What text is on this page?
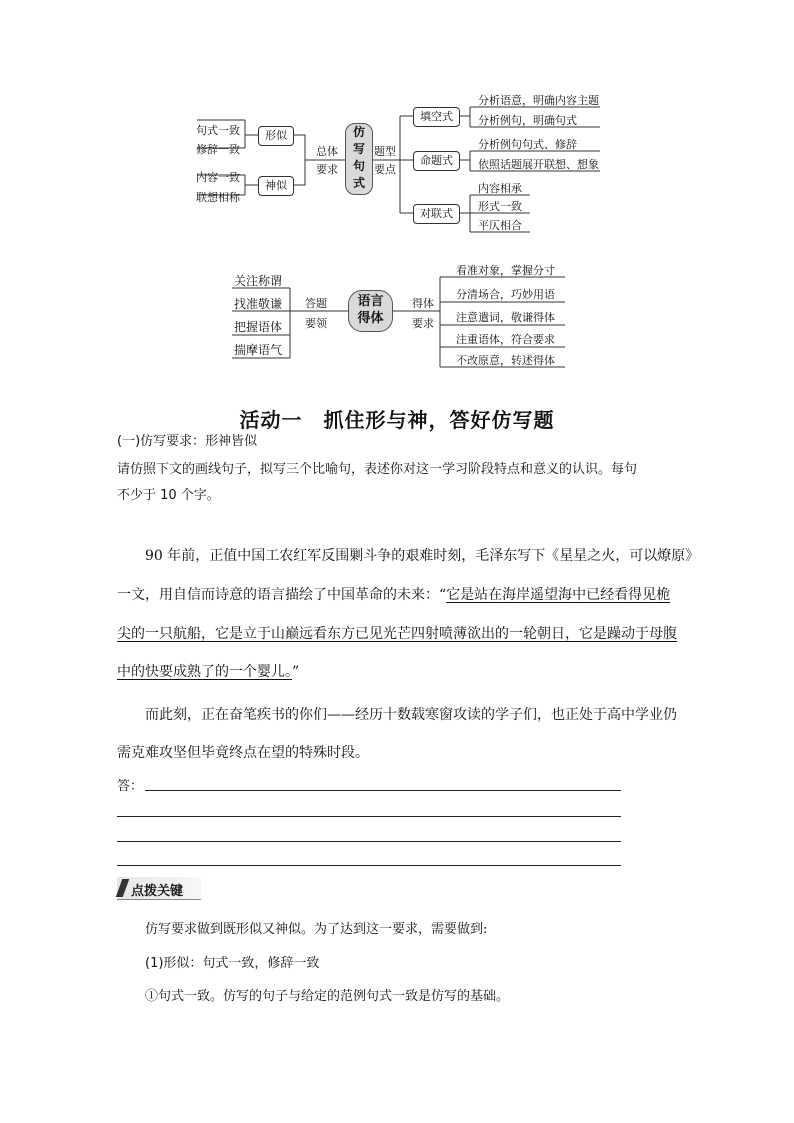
句式一致
修辞一致
内容一致
联想相称
形似
神似
总体
要求
仿
写
句
式
题型
要点
填空式
命题式
对联式
分析语意，明确内容主题
分析例句，明确句式
分析例句句式、修辞
依照话题展开联想、想象
内容相承
形式一致
平仄相合
关注称谓
找准敬谦
把握语体
揣摩语气
答题
要领
语言
得体
得体
要求
看准对象，掌握分寸
分清场合，巧妙用语
注意遣词，敬谦得体
注重语体，符合要求
不改原意，转述得体
活动一　抓住形与神，答好仿写题
(一)仿写要求：形神皆似
请仿照下文的画线句子，拟写三个比喻句，表述你对这一学习阶段特点和意义的认识。每句
不少于 10 个字。
90 年前，正值中国工农红军反围剿斗争的艰难时刻，毛泽东写下《星星之火，可以燎原》
一文，用自信而诗意的语言描绘了中国革命的未来：“它是站在海岸遥望海中已经看得见桅
尖的一只航船，它是立于山巅远看东方已见光芒四射喷薄欲出的一轮朝日，它是躁动于母腹
中的快要成熟了的一个婴儿。”
而此刻，正在奋笔疾书的你们——经历十数载寒窗攻读的学子们，也正处于高中学业仍
需克难攻坚但毕竟终点在望的特殊时段。
答：
点拨关键
仿写要求做到既形似又神似。为了达到这一要求，需要做到:
(1)形似：句式一致，修辞一致
①句式一致。仿写的句子与给定的范例句式一致是仿写的基础。
